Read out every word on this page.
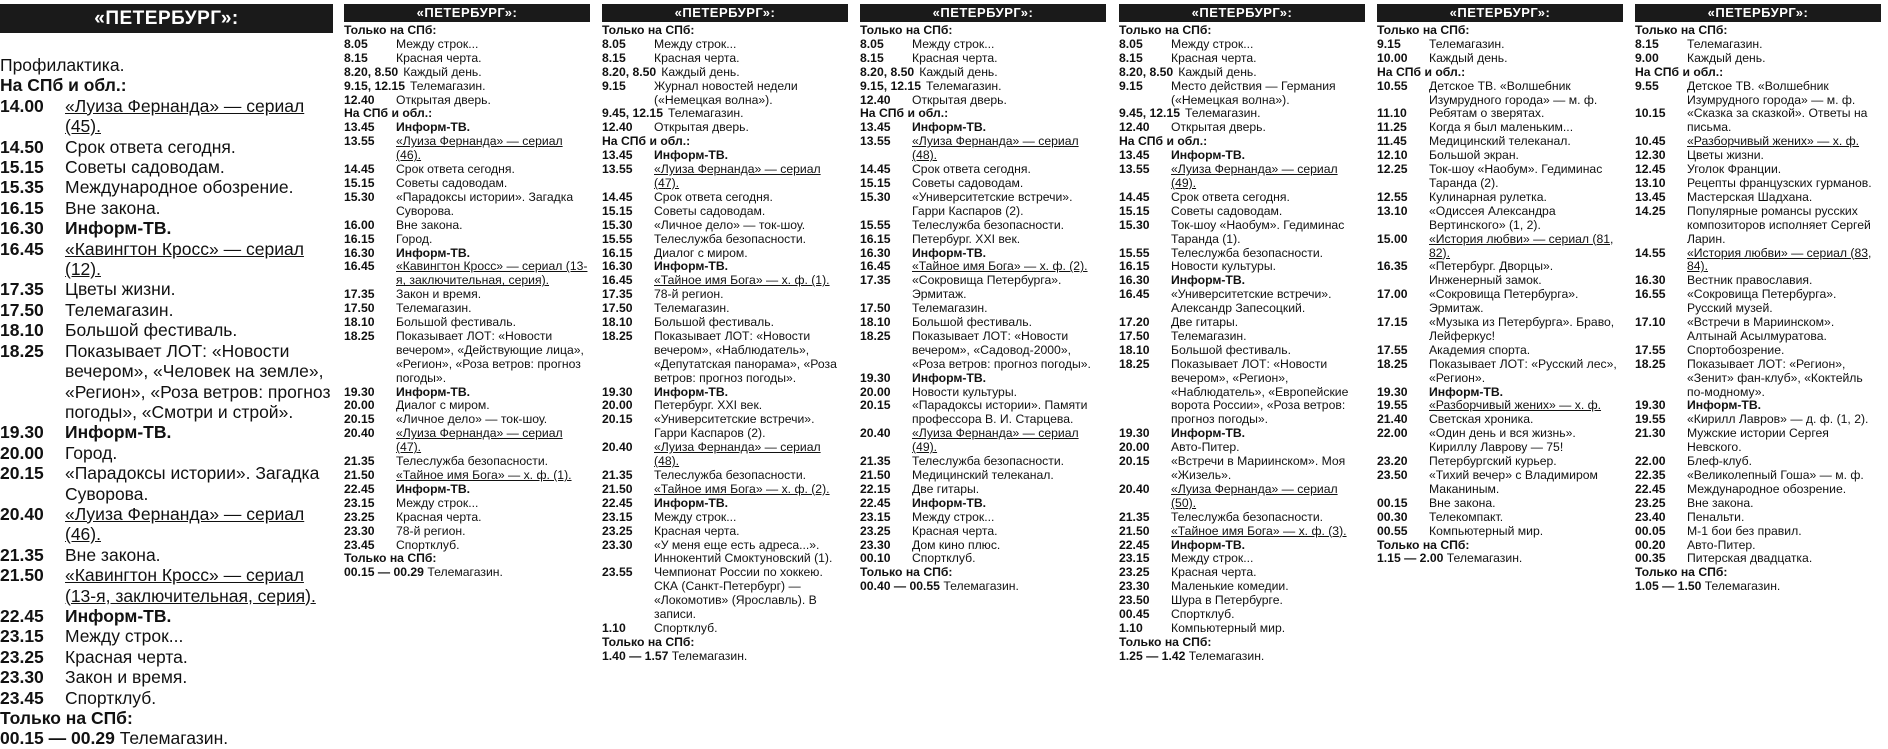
«ПЕТЕРБУРГ»:
Профилактика.
На СПб и обл.:
14.00	«Луиза Фернанда» — сериал (45).
14.50	Срок ответа сегодня.
15.15	Советы садоводам.
15.35	Международное обозрение.
16.15	Вне закона.
16.30	Информ-ТВ.
16.45	«Кавингтон Кросс» — сериал (12).
17.35	Цветы жизни.
17.50	Телемагазин.
18.10	Большой фестиваль.
18.25	Показывает ЛОТ: «Новости вечером», «Человек на земле», «Регион», «Роза ветров: прогноз погоды», «Смотри и строй».
19.30	Информ-ТВ.
20.00	Город.
20.15	«Парадоксы истории». Загадка Суворова.
20.40	«Луиза Фернанда» — сериал (46).
21.35	Вне закона.
21.50	«Кавингтон Кросс» — сериал (13-я, заключительная, серия).
22.45	Информ-ТВ.
23.15	Между строк...
23.25	Красная черта.
23.30	Закон и время.
23.45	Спортклуб.
Только на СПб:
00.15 — 00.29 Телемагазин.
«ПЕТЕРБУРГ»:
Только на СПб:
8.05	Между строк...
8.15	Красная черта.
8.20, 8.50 Каждый день.
9.15, 12.15 Телемагазин.
12.40	Открытая дверь.
На СПб и обл.:
13.45	Информ-ТВ.
13.55	«Луиза Фернанда» — сериал (46).
14.45	Срок ответа сегодня.
15.15	Советы садоводам.
15.30	«Парадоксы истории». Загадка Суворова.
16.00	Вне закона.
16.15	Город.
16.30	Информ-ТВ.
16.45	«Кавингтон Кросс» — сериал (13-я, заключительная, серия).
17.35	Закон и время.
17.50	Телемагазин.
18.10	Большой фестиваль.
18.25	Показывает ЛОТ: «Новости вечером», «Действующие лица», «Регион», «Роза ветров: прогноз погоды».
19.30	Информ-ТВ.
20.00	Диалог с миром.
20.15	«Личное дело» — ток-шоу.
20.40	«Луиза Фернанда» — сериал (47).
21.35	Телеслужба безопасности.
21.50	«Тайное имя Бога» — х. ф. (1).
22.45	Информ-ТВ.
23.15	Между строк...
23.25	Красная черта.
23.30	78-й регион.
23.45	Спортклуб.
Только на СПб:
00.15 — 00.29 Телемагазин.
«ПЕТЕРБУРГ»:
Только на СПб:
8.05	Между строк...
8.15	Красная черта.
8.20, 8.50 Каждый день.
9.15	Журнал новостей недели («Немецкая волна»).
9.45, 12.15 Телемагазин.
12.40	Открытая дверь.
На СПб и обл.:
13.45	Информ-ТВ.
13.55	«Луиза Фернанда» — сериал (47).
14.45	Срок ответа сегодня.
15.15	Советы садоводам.
15.30	«Личное дело» — ток-шоу.
15.55	Телеслужба безопасности.
16.15	Диалог с миром.
16.30	Информ-ТВ.
16.45	«Тайное имя Бога» — х. ф. (1).
17.35	78-й регион.
17.50	Телемагазин.
18.10	Большой фестиваль.
18.25	Показывает ЛОТ: «Новости вечером», «Наблюдатель», «Депутатская панорама», «Роза ветров: прогноз погоды».
19.30	Информ-ТВ.
20.00	Петербург. XXI век.
20.15	«Университетские встречи». Гарри Каспаров (2).
20.40	«Луиза Фернанда» — сериал (48).
21.35	Телеслужба безопасности.
21.50	«Тайное имя Бога» — х. ф. (2).
22.45	Информ-ТВ.
23.15	Между строк...
23.25	Красная черта.
23.30	«У меня еще есть адреса...». Иннокентий Смоктуновский (1).
23.55	Чемпионат России по хоккею. СКА (Санкт-Петербург) — «Локомотив» (Ярославль). В записи.
1.10	Спортклуб.
Только на СПб:
1.40 — 1.57 Телемагазин.
«ПЕТЕРБУРГ»:
Только на СПб:
8.05	Между строк...
8.15	Красная черта.
8.20, 8.50 Каждый день.
9.15, 12.15 Телемагазин.
12.40	Открытая дверь.
На СПб и обл.:
13.45	Информ-ТВ.
13.55	«Луиза Фернанда» — сериал (48).
14.45	Срок ответа сегодня.
15.15	Советы садоводам.
15.30	«Университетские встречи». Гарри Каспаров (2).
15.55	Телеслужба безопасности.
16.15	Петербург. XXI век.
16.30	Информ-ТВ.
16.45	«Тайное имя Бога» — х. ф. (2).
17.35	«Сокровища Петербурга». Эрмитаж.
17.50	Телемагазин.
18.10	Большой фестиваль.
18.25	Показывает ЛОТ: «Новости вечером», «Садовод-2000», «Роза ветров: прогноз погоды».
19.30	Информ-ТВ.
20.00	Новости культуры.
20.15	«Парадоксы истории». Памяти профессора В. И. Старцева.
20.40	«Луиза Фернанда» — сериал (49).
21.35	Телеслужба безопасности.
21.50	Медицинский телеканал.
22.15	Две гитары.
22.45	Информ-ТВ.
23.15	Между строк...
23.25	Красная черта.
23.30	Дом кино плюс.
00.10	Спортклуб.
Только на СПб:
00.40 — 00.55 Телемагазин.
«ПЕТЕРБУРГ»:
Только на СПб:
8.05	Между строк...
8.15	Красная черта.
8.20, 8.50 Каждый день.
9.15	Место действия — Германия («Немецкая волна»).
9.45, 12.15 Телемагазин.
12.40	Открытая дверь.
На СПб и обл.:
13.45	Информ-ТВ.
13.55	«Луиза Фернанда» — сериал (49).
14.45	Срок ответа сегодня.
15.15	Советы садоводам.
15.30	Ток-шоу «Наобум». Гедиминас Таранда (1).
15.55	Телеслужба безопасности.
16.15	Новости культуры.
16.30	Информ-ТВ.
16.45	«Университетские встречи». Александр Запесоцкий.
17.20	Две гитары.
17.50	Телемагазин.
18.10	Большой фестиваль.
18.25	Показывает ЛОТ: «Новости вечером», «Регион», «Наблюдатель», «Европейские ворота России», «Роза ветров: прогноз погоды».
19.30	Информ-ТВ.
20.00	Авто-Питер.
20.15	«Встречи в Мариинском». Моя «Жизель».
20.40	«Луиза Фернанда» — сериал (50).
21.35	Телеслужба безопасности.
21.50	«Тайное имя Бога» — х. ф. (3).
22.45	Информ-ТВ.
23.15	Между строк...
23.25	Красная черта.
23.30	Маленькие комедии.
23.50	Шура в Петербурге.
00.45	Спортклуб.
1.10	Компьютерный мир.
Только на СПб:
1.25 — 1.42 Телемагазин.
«ПЕТЕРБУРГ»:
Только на СПб:
9.15	Телемагазин.
10.00	Каждый день.
На СПб и обл.:
10.55	Детское ТВ. «Волшебник Изумрудного города» — м. ф.
11.10	Ребятам о зверятах.
11.25	Когда я был маленьким...
11.45	Медицинский телеканал.
12.10	Большой экран.
12.25	Ток-шоу «Наобум». Гедиминас Таранда (2).
12.55	Кулинарная рулетка.
13.10	«Одиссея Александра Вертинского» (1, 2).
15.00	«История любви» — сериал (81, 82).
16.35	«Петербург. Дворцы». Инженерный замок.
17.00	«Сокровища Петербурга». Эрмитаж.
17.15	«Музыка из Петербурга». Браво, Лейферкус!
17.55	Академия спорта.
18.25	Показывает ЛОТ: «Русский лес», «Регион».
19.30	Информ-ТВ.
19.55	«Разборчивый жених» — х. ф.
21.40	Светская хроника.
22.00	«Один день и вся жизнь». Кириллу Лаврову — 75!
23.20	Петербургский курьер.
23.50	«Тихий вечер» с Владимиром Маканиным.
00.15	Вне закона.
00.30	Телекомпакт.
00.55	Компьютерный мир.
Только на СПб:
1.15 — 2.00 Телемагазин.
«ПЕТЕРБУРГ»:
Только на СПб:
8.15	Телемагазин.
9.00	Каждый день.
На СПб и обл.:
9.55	Детское ТВ. «Волшебник Изумрудного города» — м. ф.
10.15	«Сказка за сказкой». Ответы на письма.
10.45	«Разборчивый жених» — х. ф.
12.30	Цветы жизни.
12.45	Уголок Франции.
13.10	Рецепты французских гурманов.
13.45	Мастерская Шадхана.
14.25	Популярные романсы русских композиторов исполняет Сергей Ларин.
14.55	«История любви» — сериал (83, 84).
16.30	Вестник православия.
16.55	«Сокровища Петербурга». Русский музей.
17.10	«Встречи в Мариинском». Алтынай Асылмуратова.
17.55	Спортобозрение.
18.25	Показывает ЛОТ: «Регион», «Зенит» фан-клуб», «Коктейль по-модному».
19.30	Информ-ТВ.
19.55	«Кирилл Лавров» — д. ф. (1, 2).
21.30	Мужские истории Сергея Невского.
22.00	Блеф-клуб.
22.35	«Великолепный Гоша» — м. ф.
22.45	Международное обозрение.
23.25	Вне закона.
23.40	Пенальти.
00.05	М-1 бои без правил.
00.20	Авто-Питер.
00.35	Питерская двадцатка.
Только на СПб:
1.05 — 1.50 Телемагазин.
